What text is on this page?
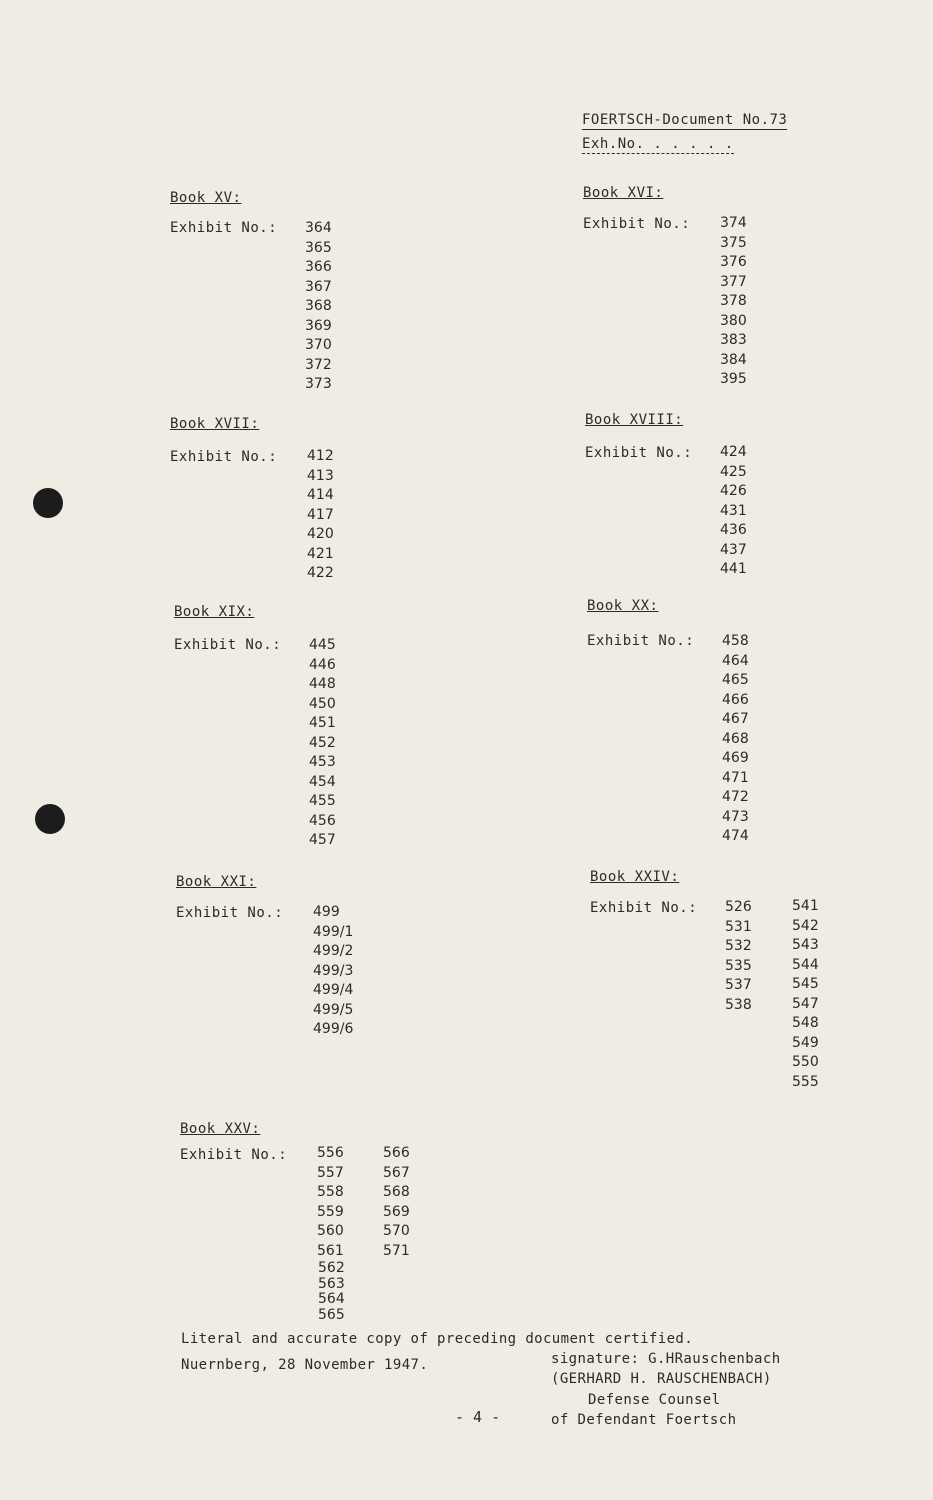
FOERTSCH-Document No.73
Exh.No. . . . . .
Book XV:
Exhibit No.: 364
365
366
367
368
369
370
372
373
Book XVI:
Exhibit No.: 374
375
376
377
378
380
383
384
395
Book XVII:
Exhibit No.: 412
413
414
417
420
421
422
Book XVIII:
Exhibit No.: 424
425
426
431
436
437
441
Book XIX:
Exhibit No.: 445
446
448
450
451
452
453
454
455
456
457
Book XX:
Exhibit No.: 458
464
465
466
467
468
469
471
472
473
474
Book XXI:
Exhibit No.: 499
499/1
499/2
499/3
499/4
499/5
499/6
Book XXIV:
Exhibit No.: 526
531
532
535
537
538
541
542
543
544
545
547
548
549
550
555
Book XXV:
Exhibit No.: 556
557
558
559
560
561
566
567
568
569
570
571
562
563
564
565
Literal and accurate copy of preceding document certified.
Nuernberg, 28 November 1947.	signature: G.HRauschenbach
(GERHARD H. RAUSCHENBACH)
Defense Counsel
of Defendant Foertsch
- 4 -
